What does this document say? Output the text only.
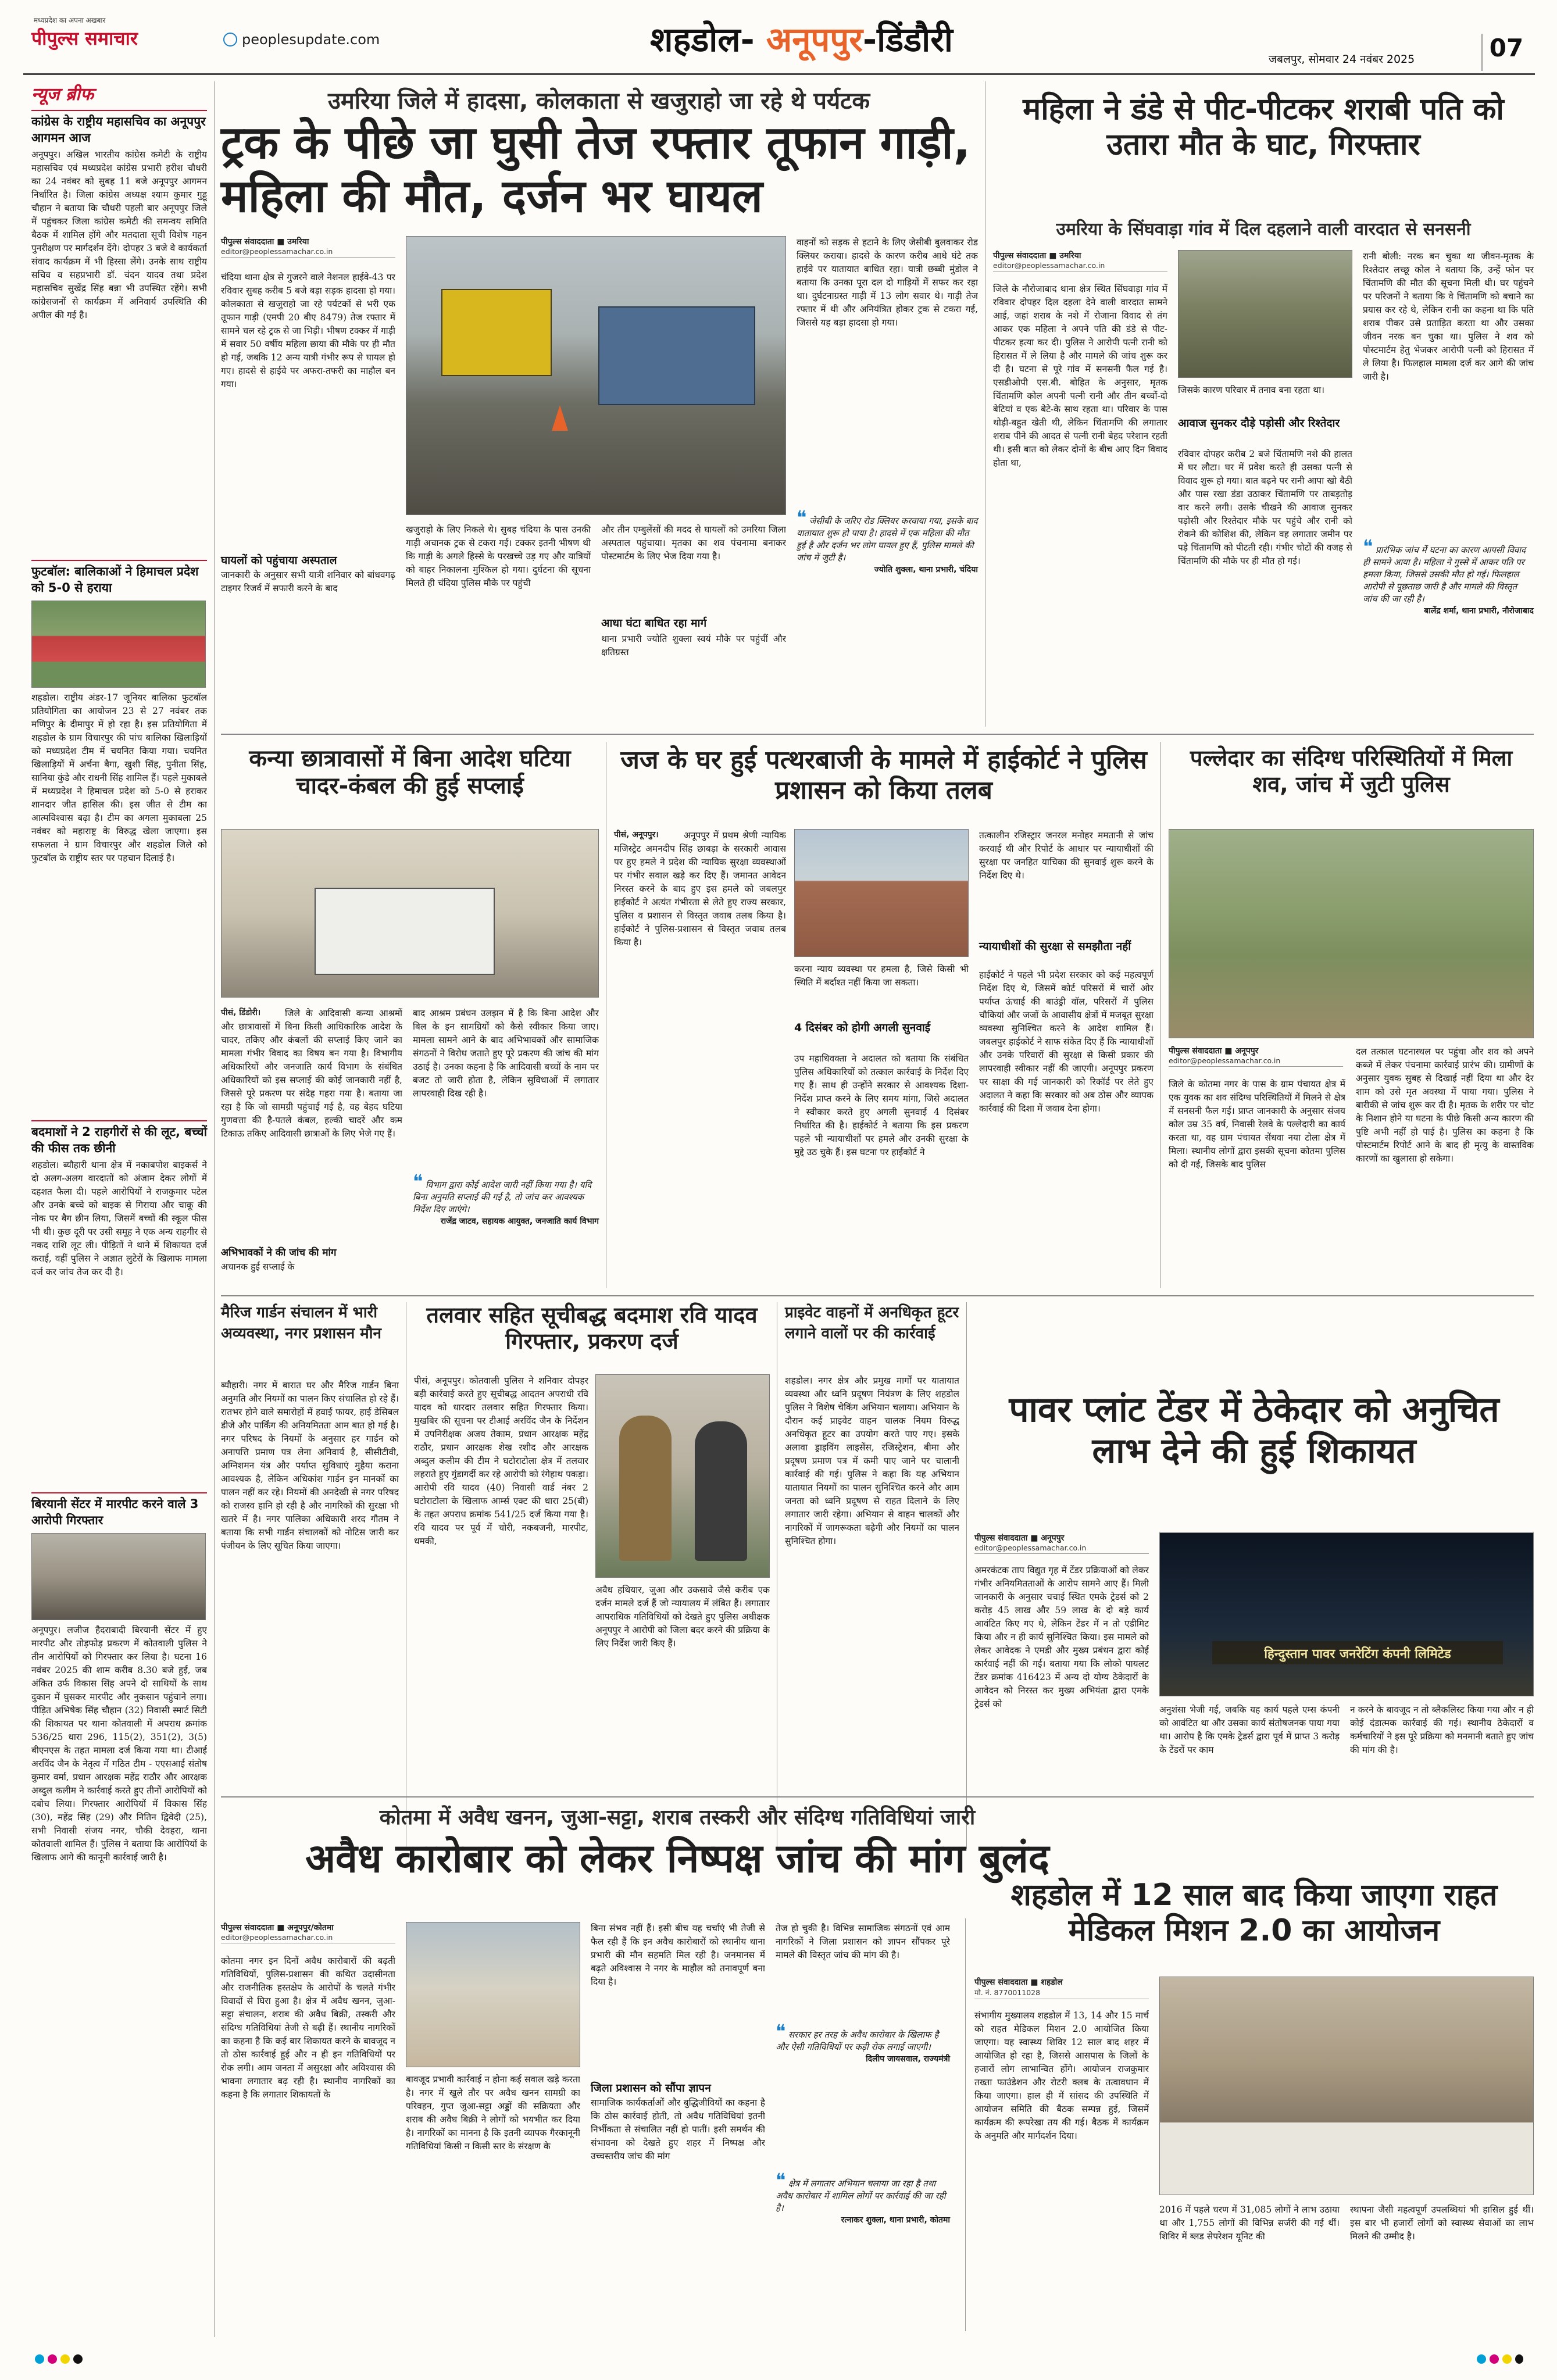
पीपुल्स समाचार
मध्यप्रदेश का अपना अखबार
peoplesupdate.com	शहडोल- अनूपपुर-डिंडौरी	जबलपुर, सोमवार 24 नवंबर 2025	07
न्यूज ब्रीफ
कांग्रेस के राष्ट्रीय महासचिव का अनूपपुर आगमन आज
अनूपपुर। अखिल भारतीय कांग्रेस कमेटी के राष्ट्रीय महासचिव एवं मध्यप्रदेश कांग्रेस प्रभारी हरीश चौधरी का 24 नवंबर को सुबह 11 बजे अनूपपुर आगमन निर्धारित है। जिला कांग्रेस अध्यक्ष श्याम कुमार गुड्डू चौहान ने बताया कि चौधरी पहली बार अनूपपुर जिले में पहुंचकर जिला कांग्रेस कमेटी की समन्वय समिति बैठक में शामिल होंगे और मतदाता सूची विशेष गहन पुनरीक्षण पर मार्गदर्शन देंगे। दोपहर 3 बजे वे कार्यकर्ता संवाद कार्यक्रम में भी हिस्सा लेंगे। उनके साथ राष्ट्रीय सचिव व सहप्रभारी डॉ. चंदन यादव तथा प्रदेश महासचिव सुखेंद्र सिंह बन्ना भी उपस्थित रहेंगे। सभी कांग्रेसजनों से कार्यक्रम में अनिवार्य उपस्थिति की अपील की गई है।
फुटबॉल: बालिकाओं ने हिमाचल प्रदेश को 5-0 से हराया
शहडोल। राष्ट्रीय अंडर-17 जूनियर बालिका फुटबॉल प्रतियोगिता का आयोजन 23 से 27 नवंबर तक मणिपुर के दीमापुर में हो रहा है। इस प्रतियोगिता में शहडोल के ग्राम विचारपुर की पांच बालिका खिलाड़ियों को मध्यप्रदेश टीम में चयनित किया गया। चयनित खिलाड़ियों में अर्चना बैगा, खुशी सिंह, पुनीता सिंह, सानिया कुंडे और राधनी सिंह शामिल हैं। पहले मुकाबले में मध्यप्रदेश ने हिमाचल प्रदेश को 5-0 से हराकर शानदार जीत हासिल की। इस जीत से टीम का आत्मविश्वास बढ़ा है। टीम का अगला मुकाबला 25 नवंबर को महाराष्ट्र के विरुद्ध खेला जाएगा। इस सफलता ने ग्राम विचारपुर और शहडोल जिले को फुटबॉल के राष्ट्रीय स्तर पर पहचान दिलाई है।
बदमाशों ने 2 राहगीरों से की लूट, बच्चों की फीस तक छीनी
शहडोल। ब्यौहारी थाना क्षेत्र में नकाबपोश बाइकर्स ने दो अलग-अलग वारदातों को अंजाम देकर लोगों में दहशत फैला दी। पहले आरोपियों ने राजकुमार पटेल और उनके बच्चे को बाइक से गिराया और चाकू की नोक पर बैग छीन लिया, जिसमें बच्चों की स्कूल फीस भी थी। कुछ दूरी पर उसी समूह ने एक अन्य राहगीर से नकद राशि लूट ली। पीड़ितों ने थाने में शिकायत दर्ज कराई, वहीं पुलिस ने अज्ञात लुटेरों के खिलाफ मामला दर्ज कर जांच तेज कर दी है।
बिरयानी सेंटर में मारपीट करने वाले 3 आरोपी गिरफ्तार
अनूपपुर। लजीज हैदराबादी बिरयानी सेंटर में हुए मारपीट और तोड़फोड़ प्रकरण में कोतवाली पुलिस ने तीन आरोपियों को गिरफ्तार कर लिया है। घटना 16 नवंबर 2025 की शाम करीब 8.30 बजे हुई, जब अंकित उर्फ विकास सिंह अपने दो साथियों के साथ दुकान में घुसकर मारपीट और नुकसान पहुंचाने लगा। पीड़ित अभिषेक सिंह चौहान (32) निवासी स्मार्ट सिटी की शिकायत पर थाना कोतवाली में अपराध क्रमांक 536/25 धारा 296, 115(2), 351(2), 3(5) बीएनएस के तहत मामला दर्ज किया गया था। टीआई अरविंद जैन के नेतृत्व में गठित टीम - एएसआई संतोष कुमार वर्मा, प्रधान आरक्षक महेंद्र राठौर और आरक्षक अब्दुल कलीम ने कार्रवाई करते हुए तीनों आरोपियों को दबोच लिया। गिरफ्तार आरोपियों में विकास सिंह (30), महेंद्र सिंह (29) और नितिन द्विवेदी (25), सभी निवासी संजय नगर, चौकी देवहरा, थाना कोतवाली शामिल हैं। पुलिस ने बताया कि आरोपियों के खिलाफ आगे की कानूनी कार्रवाई जारी है।
उमरिया जिले में हादसा, कोलकाता से खजुराहो जा रहे थे पर्यटक
ट्रक के पीछे जा घुसी तेज रफ्तार तूफान गाड़ी, महिला की मौत, दर्जन भर घायल
पीपुल्स संवाददाता ■ उमरिया
editor@peoplessamachar.co.in
चंदिया थाना क्षेत्र से गुजरने वाले नेशनल हाईवे-43 पर रविवार सुबह करीब 5 बजे बड़ा सड़क हादसा हो गया। कोलकाता से खजुराहो जा रहे पर्यटकों से भरी एक तूफान गाड़ी (एमपी 20 बीए 8479) तेज रफ्तार में सामने चल रहे ट्रक से जा भिड़ी। भीषण टक्कर में गाड़ी में सवार 50 वर्षीय महिला छाया की मौके पर ही मौत हो गई, जबकि 12 अन्य यात्री गंभीर रूप से घायल हो गए। हादसे से हाईवे पर अफरा-तफरी का माहौल बन गया।
घायलों को पहुंचाया अस्पताल
जानकारी के अनुसार सभी यात्री शनिवार को बांधवगढ़ टाइगर रिजर्व में सफारी करने के बाद
खजुराहो के लिए निकले थे। सुबह चंदिया के पास उनकी गाड़ी अचानक ट्रक से टकरा गई। टक्कर इतनी भीषण थी कि गाड़ी के अगले हिस्से के परखच्चे उड़ गए और यात्रियों को बाहर निकालना मुश्किल हो गया। दुर्घटना की सूचना मिलते ही चंदिया पुलिस मौके पर पहुंची
और तीन एम्बुलेंसों की मदद से घायलों को उमरिया जिला अस्पताल पहुंचाया। मृतका का शव पंचनामा बनाकर पोस्टमार्टम के लिए भेज दिया गया है।
आधा घंटा बाधित रहा मार्ग
थाना प्रभारी ज्योति शुक्ला स्वयं मौके पर पहुंचीं और क्षतिग्रस्त
वाहनों को सड़क से हटाने के लिए जेसीबी बुलवाकर रोड क्लियर कराया। हादसे के कारण करीब आधे घंटे तक हाईवे पर यातायात बाधित रहा। यात्री छब्बी मुंडोल ने बताया कि उनका पूरा दल दो गाड़ियों में सफर कर रहा था। दुर्घटनाग्रस्त गाड़ी में 13 लोग सवार थे। गाड़ी तेज रफ्तार में थी और अनियंत्रित होकर ट्रक से टकरा गई, जिससे यह बड़ा हादसा हो गया।
❝ जेसीबी के जरिए रोड क्लियर करवाया गया, इसके बाद यातायात शुरू हो पाया है। हादसे में एक महिला की मौत हुई है और दर्जन भर लोग घायल हुए हैं, पुलिस मामले की जांच में जुटी है।
ज्योति शुक्ला, थाना प्रभारी, चंदिया
महिला ने डंडे से पीट-पीटकर शराबी पति को उतारा मौत के घाट, गिरफ्तार
उमरिया के सिंघवाड़ा गांव में दिल दहलाने वाली वारदात से सनसनी
पीपुल्स संवाददाता ■ उमरिया
editor@peoplessamachar.co.in
जिले के नौरोजाबाद थाना क्षेत्र स्थित सिंघवाड़ा गांव में रविवार दोपहर दिल दहला देने वाली वारदात सामने आई, जहां शराब के नशे में रोजाना विवाद से तंग आकर एक महिला ने अपने पति की डंडे से पीट-पीटकर हत्या कर दी। पुलिस ने आरोपी पत्नी रानी को हिरासत में ले लिया है और मामले की जांच शुरू कर दी है। घटना से पूरे गांव में सनसनी फैल गई है। एसडीओपी एस.बी. बोहित के अनुसार, मृतक चिंतामणि कोल अपनी पत्नी रानी और तीन बच्चों-दो बेटियां व एक बेटे-के साथ रहता था। परिवार के पास थोड़ी-बहुत खेती थी, लेकिन चिंतामणि की लगातार शराब पीने की आदत से पत्नी रानी बेहद परेशान रहती थी। इसी बात को लेकर दोनों के बीच आए दिन विवाद होता था,
जिसके कारण परिवार में तनाव बना रहता था।
आवाज सुनकर दौड़े पड़ोसी और रिश्तेदार
रविवार दोपहर करीब 2 बजे चिंतामणि नशे की हालत में घर लौटा। घर में प्रवेश करते ही उसका पत्नी से विवाद शुरू हो गया। बात बढ़ने पर रानी आपा खो बैठी और पास रखा डंडा उठाकर चिंतामणि पर ताबड़तोड़ वार करने लगी। उसके चीखने की आवाज सुनकर पड़ोसी और रिश्तेदार मौके पर पहुंचे और रानी को रोकने की कोशिश की, लेकिन वह लगातार जमीन पर पड़े चिंतामणि को पीटती रही। गंभीर चोटों की वजह से चिंतामणि की मौके पर ही मौत हो गई।
रानी बोली: नरक बन चुका था जीवन-मृतक के रिश्तेदार लच्छू कोल ने बताया कि, उन्हें फोन पर चिंतामणि की मौत की सूचना मिली थी। घर पहुंचने पर परिजनों ने बताया कि वे चिंतामणि को बचाने का प्रयास कर रहे थे, लेकिन रानी का कहना था कि पति शराब पीकर उसे प्रताड़ित करता था और उसका जीवन नरक बन चुका था। पुलिस ने शव को पोस्टमार्टम हेतु भेजकर आरोपी पत्नी को हिरासत में ले लिया है। फिलहाल मामला दर्ज कर आगे की जांच जारी है।
❝ प्रारंभिक जांच में घटना का कारण आपसी विवाद ही सामने आया है। महिला ने गुस्से में आकर पति पर हमला किया, जिससे उसकी मौत हो गई। फिलहाल आरोपी से पूछताछ जारी है और मामले की विस्तृत जांच की जा रही है।
बालेंद्र शर्मा, थाना प्रभारी, नौरोजाबाद
कन्या छात्रावासों में बिना आदेश घटिया चादर-कंबल की हुई सप्लाई
पीसं, डिंडोरी।	जिले के आदिवासी कन्या आश्रमों और छात्रावासों में बिना किसी आधिकारिक आदेश के चादर, तकिए और कंबलों की सप्लाई किए जाने का मामला गंभीर विवाद का विषय बन गया है। विभागीय अधिकारियों और जनजाति कार्य विभाग के संबंधित अधिकारियों को इस सप्लाई की कोई जानकारी नहीं है, जिससे पूरे प्रकरण पर संदेह गहरा गया है। बताया जा रहा है कि जो सामग्री पहुंचाई गई है, वह बेहद घटिया गुणवत्ता की है-पतले कंबल, हल्की चादरें और कम टिकाऊ तकिए आदिवासी छात्राओं के लिए भेजे गए हैं।
अभिभावकों ने की जांच की मांग
अचानक हुई सप्लाई के
बाद आश्रम प्रबंधन उलझन में है कि बिना आदेश और बिल के इन सामग्रियों को कैसे स्वीकार किया जाए। मामला सामने आने के बाद अभिभावकों और सामाजिक संगठनों ने विरोध जताते हुए पूरे प्रकरण की जांच की मांग उठाई है। उनका कहना है कि आदिवासी बच्चों के नाम पर बजट तो जारी होता है, लेकिन सुविधाओं में लगातार लापरवाही दिख रही है।
❝ विभाग द्वारा कोई आदेश जारी नहीं किया गया है। यदि बिना अनुमति सप्लाई की गई है, तो जांच कर आवश्यक निर्देश दिए जाएंगे।
राजेंद्र जाटव, सहायक आयुक्त, जनजाति कार्य विभाग
जज के घर हुई पत्थरबाजी के मामले में हाईकोर्ट ने पुलिस प्रशासन को किया तलब
पीसं, अनूपपुर।	अनूपपुर में प्रथम श्रेणी न्यायिक मजिस्ट्रेट अमनदीप सिंह छाबड़ा के सरकारी आवास पर हुए हमले ने प्रदेश की न्यायिक सुरक्षा व्यवस्थाओं पर गंभीर सवाल खड़े कर दिए हैं। जमानत आवेदन निरस्त करने के बाद हुए इस हमले को जबलपुर हाईकोर्ट ने अत्यंत गंभीरता से लेते हुए राज्य सरकार, पुलिस व प्रशासन से विस्तृत जवाब तलब किया है। हाईकोर्ट ने पुलिस-प्रशासन से विस्तृत जवाब तलब किया है।
करना न्याय व्यवस्था पर हमला है, जिसे किसी भी स्थिति में बर्दाश्त नहीं किया जा सकता।
4 दिसंबर को होगी अगली सुनवाई
उप महाधिवक्ता ने अदालत को बताया कि संबंधित पुलिस अधिकारियों को तत्काल कार्रवाई के निर्देश दिए गए हैं। साथ ही उन्होंने सरकार से आवश्यक दिशा-निर्देश प्राप्त करने के लिए समय मांगा, जिसे अदालत ने स्वीकार करते हुए अगली सुनवाई 4 दिसंबर निर्धारित की है। हाईकोर्ट ने बताया कि इस प्रकरण पहले भी न्यायाधीशों पर हमले और उनकी सुरक्षा के मुद्दे उठ चुके हैं। इस घटना पर हाईकोर्ट ने
तत्कालीन रजिस्ट्रार जनरल मनोहर ममतानी से जांच करवाई थी और रिपोर्ट के आधार पर न्यायाधीशों की सुरक्षा पर जनहित याचिका की सुनवाई शुरू करने के निर्देश दिए थे।
न्यायाधीशों की सुरक्षा से समझौता नहीं
हाईकोर्ट ने पहले भी प्रदेश सरकार को कई महत्वपूर्ण निर्देश दिए थे, जिसमें कोर्ट परिसरों में चारों ओर पर्याप्त ऊंचाई की बाउंड्री वॉल, परिसरों में पुलिस चौकियां और जजों के आवासीय क्षेत्रों में मजबूत सुरक्षा व्यवस्था सुनिश्चित करने के आदेश शामिल हैं। जबलपुर हाईकोर्ट ने साफ संकेत दिए हैं कि न्यायाधीशों और उनके परिवारों की सुरक्षा से किसी प्रकार की लापरवाही स्वीकार नहीं की जाएगी। अनूपपुर प्रकरण पर साक्षा की गई जानकारी को रिकॉर्ड पर लेते हुए अदालत ने कहा कि सरकार को अब ठोस और व्यापक कार्रवाई की दिशा में जवाब देना होगा।
पल्लेदार का संदिग्ध परिस्थितियों में मिला शव, जांच में जुटी पुलिस
पीपुल्स संवाददाता ■ अनूपपुर
editor@peoplessamachar.co.in
जिले के कोतमा नगर के पास के ग्राम पंचायत क्षेत्र में एक युवक का शव संदिग्ध परिस्थितियों में मिलने से क्षेत्र में सनसनी फैल गई। प्राप्त जानकारी के अनुसार संजय कोल उम्र 35 वर्ष, निवासी रेलवे के पल्लेदारी का कार्य करता था, वह ग्राम पंचायत सेंधवा नया टोला क्षेत्र में मिला। स्थानीय लोगों द्वारा इसकी सूचना कोतमा पुलिस को दी गई, जिसके बाद पुलिस
दल तत्काल घटनास्थल पर पहुंचा और शव को अपने कब्जे में लेकर पंचनामा कार्रवाई प्रारंभ की। ग्रामीणों के अनुसार युवक सुबह से दिखाई नहीं दिया था और देर शाम को उसे मृत अवस्था में पाया गया। पुलिस ने बारीकी से जांच शुरू कर दी है। मृतक के शरीर पर चोट के निशान होने या घटना के पीछे किसी अन्य कारण की पुष्टि अभी नहीं हो पाई है। पुलिस का कहना है कि पोस्टमार्टम रिपोर्ट आने के बाद ही मृत्यु के वास्तविक कारणों का खुलासा हो सकेगा।
मैरिज गार्डन संचालन में भारी अव्यवस्था, नगर प्रशासन मौन
ब्यौहारी। नगर में बारात घर और मैरिज गार्डन बिना अनुमति और नियमों का पालन किए संचालित हो रहे हैं। रातभर होने वाले समारोहों में हवाई फायर, हाई डेसिबल डीजे और पार्किंग की अनियमितता आम बात हो गई है। नगर परिषद के नियमों के अनुसार हर गार्डन को अनापत्ति प्रमाण पत्र लेना अनिवार्य है, सीसीटीवी, अग्निशमन यंत्र और पर्याप्त सुविधाएं मुहैया कराना आवश्यक है, लेकिन अधिकांश गार्डन इन मानकों का पालन नहीं कर रहे। नियमों की अनदेखी से नगर परिषद को राजस्व हानि हो रही है और नागरिकों की सुरक्षा भी खतरे में है। नगर पालिका अधिकारी शरद गौतम ने बताया कि सभी गार्डन संचालकों को नोटिस जारी कर पंजीयन के लिए सूचित किया जाएगा।
तलवार सहित सूचीबद्ध बदमाश रवि यादव गिरफ्तार, प्रकरण दर्ज
पीसं, अनूपपुर। कोतवाली पुलिस ने शनिवार दोपहर बड़ी कार्रवाई करते हुए सूचीबद्ध आदतन अपराधी रवि यादव को धारदार तलवार सहित गिरफ्तार किया। मुखबिर की सूचना पर टीआई अरविंद जैन के निर्देशन में उपनिरीक्षक अजय तेकाम, प्रधान आरक्षक महेंद्र राठौर, प्रधान आरक्षक शेख रशीद और आरक्षक अब्दुल कलीम की टीम ने घटोराटोला क्षेत्र में तलवार लहराते हुए गुंडागर्दी कर रहे आरोपी को रंगेहाथ पकड़ा। आरोपी रवि यादव (40) निवासी वार्ड नंबर 2 घटोराटोला के खिलाफ आर्म्स एक्ट की धारा 25(बी) के तहत अपराध क्रमांक 541/25 दर्ज किया गया है। रवि यादव पर पूर्व में चोरी, नकबजनी, मारपीट, धमकी,
अवैध हथियार, जुआ और उकसावे जैसे करीब एक दर्जन मामले दर्ज हैं जो न्यायालय में लंबित हैं। लगातार आपराधिक गतिविधियों को देखते हुए पुलिस अधीक्षक अनूपपुर ने आरोपी को जिला बदर करने की प्रक्रिया के लिए निर्देश जारी किए हैं।
प्राइवेट वाहनों में अनधिकृत हूटर लगाने वालों पर की कार्रवाई
शहडोल। नगर क्षेत्र और प्रमुख मार्गों पर यातायात व्यवस्था और ध्वनि प्रदूषण नियंत्रण के लिए शहडोल पुलिस ने विशेष चेकिंग अभियान चलाया। अभियान के दौरान कई प्राइवेट वाहन चालक नियम विरुद्ध अनधिकृत हूटर का उपयोग करते पाए गए। इसके अलावा ड्राइविंग लाइसेंस, रजिस्ट्रेशन, बीमा और प्रदूषण प्रमाण पत्र में कमी पाए जाने पर चालानी कार्रवाई की गई। पुलिस ने कहा कि यह अभियान यातायात नियमों का पालन सुनिश्चित करने और आम जनता को ध्वनि प्रदूषण से राहत दिलाने के लिए लगातार जारी रहेगा। अभियान से वाहन चालकों और नागरिकों में जागरूकता बढ़ेगी और नियमों का पालन सुनिश्चित होगा।
पावर प्लांट टेंडर में ठेकेदार को अनुचित लाभ देने की हुई शिकायत
पीपुल्स संवाददाता ■ अनूपपुर
editor@peoplessamachar.co.in
अमरकंटक ताप विद्युत गृह में टेंडर प्रक्रियाओं को लेकर गंभीर अनियमितताओं के आरोप सामने आए हैं। मिली जानकारी के अनुसार चचाई स्थित एमके ट्रेडर्स को 2 करोड़ 45 लाख और 59 लाख के दो बड़े कार्य आवंटित किए गए थे, लेकिन टेंडर में न तो एडीमिट किया और न ही कार्य सुनिश्चित किया। इस मामले को लेकर आवेदक ने एमडी और मुख्य प्रबंधन द्वारा कोई कार्रवाई नहीं की गई। बताया गया कि लोको पायलट टेंडर क्रमांक 416423 में अन्य दो योग्य ठेकेदारों के आवेदन को निरस्त कर मुख्य अभियंता द्वारा एमके ट्रेडर्स को
हिन्दुस्तान पावर जनरेटिंग कंपनी लिमिटेड
अनुशंसा भेजी गई, जबकि यह कार्य पहले एम्स कंपनी को आवंटित था और उसका कार्य संतोषजनक पाया गया था। आरोप है कि एमके ट्रेडर्स द्वारा पूर्व में प्राप्त 3 करोड़ के टेंडरों पर काम
न करने के बावजूद न तो ब्लैकलिस्ट किया गया और न ही कोई दंडात्मक कार्रवाई की गई। स्थानीय ठेकेदारों व कर्मचारियों ने इस पूरे प्रक्रिया को मनमानी बताते हुए जांच की मांग की है।
कोतमा में अवैध खनन, जुआ-सट्टा, शराब तस्करी और संदिग्ध गतिविधियां जारी
अवैध कारोबार को लेकर निष्पक्ष जांच की मांग बुलंद
पीपुल्स संवाददाता ■ अनूपपुर/कोतमा
editor@peoplessamachar.co.in
कोतमा नगर इन दिनों अवैध कारोबारों की बढ़ती गतिविधियों, पुलिस-प्रशासन की कथित उदासीनता और राजनीतिक हस्तक्षेप के आरोपों के चलते गंभीर विवादों से घिरा हुआ है। क्षेत्र में अवैध खनन, जुआ-सट्टा संचालन, शराब की अवैध बिक्री, तस्करी और संदिग्ध गतिविधियां तेजी से बढ़ी हैं। स्थानीय नागरिकों का कहना है कि कई बार शिकायत करने के बावजूद न तो ठोस कार्रवाई हुई और न ही इन गतिविधियों पर रोक लगी। आम जनता में असुरक्षा और अविश्वास की भावना लगातार बढ़ रही है। स्थानीय नागरिकों का कहना है कि लगातार शिकायतों के
बावजूद प्रभावी कार्रवाई न होना कई सवाल खड़े करता है। नगर में खुले तौर पर अवैध खनन सामग्री का परिवहन, गुप्त जुआ-सट्टा अड्डों की सक्रियता और शराब की अवैध बिक्री ने लोगों को भयभीत कर दिया है। नागरिकों का मानना है कि इतनी व्यापक गैरकानूनी गतिविधियां किसी न किसी स्तर के संरक्षण के
बिना संभव नहीं हैं। इसी बीच यह चर्चाएं भी तेजी से फैल रही हैं कि इन अवैध कारोबारों को स्थानीय थाना प्रभारी की मौन सहमति मिल रही है। जनमानस में बढ़ते अविश्वास ने नगर के माहौल को तनावपूर्ण बना दिया है।
जिला प्रशासन को सौंपा ज्ञापन
सामाजिक कार्यकर्ताओं और बुद्धिजीवियों का कहना है कि ठोस कार्रवाई होती, तो अवैध गतिविधियां इतनी निर्भीकता से संचालित नहीं हो पातीं। इसी समर्थन की संभावना को देखते हुए शहर में निष्पक्ष और उच्चस्तरीय जांच की मांग
तेज हो चुकी है। विभिन्न सामाजिक संगठनों एवं आम नागरिकों ने जिला प्रशासन को ज्ञापन सौंपकर पूरे मामले की विस्तृत जांच की मांग की है।
❝ सरकार हर तरह के अवैध कारोबार के खिलाफ है और ऐसी गतिविधियों पर कड़ी रोक लगाई जाएगी।
दिलीप जायसवाल, राज्यमंत्री
❝ क्षेत्र में लगातार अभियान चलाया जा रहा है तथा अवैध कारोबार में शामिल लोगों पर कार्रवाई की जा रही है।
रत्नाकर शुक्ला, थाना प्रभारी, कोतमा
शहडोल में 12 साल बाद किया जाएगा राहत मेडिकल मिशन 2.0 का आयोजन
पीपुल्स संवाददाता ■ शहडोल
मो. नं. 8770011028
संभागीय मुख्यालय शहडोल में 13, 14 और 15 मार्च को राहत मेडिकल मिशन 2.0 आयोजित किया जाएगा। यह स्वास्थ्य शिविर 12 साल बाद शहर में आयोजित हो रहा है, जिससे आसपास के जिलों के हजारों लोग लाभान्वित होंगे। आयोजन राजकुमार तख्ता फाउंडेशन और रोटरी क्लब के तत्वावधान में किया जाएगा। हाल ही में सांसद की उपस्थिति में आयोजन समिति की बैठक सम्पन्न हुई, जिसमें कार्यक्रम की रूपरेखा तय की गई। बैठक में कार्यक्रम के अनुमति और मार्गदर्शन दिया।
2016 में पहले चरण में 31,085 लोगों ने लाभ उठाया था और 1,755 लोगों की विभिन्न सर्जरी की गई थीं। शिविर में ब्लड सेपरेशन यूनिट की
स्थापना जैसी महत्वपूर्ण उपलब्धियां भी हासिल हुई थीं। इस बार भी हजारों लोगों को स्वास्थ्य सेवाओं का लाभ मिलने की उम्मीद है।
